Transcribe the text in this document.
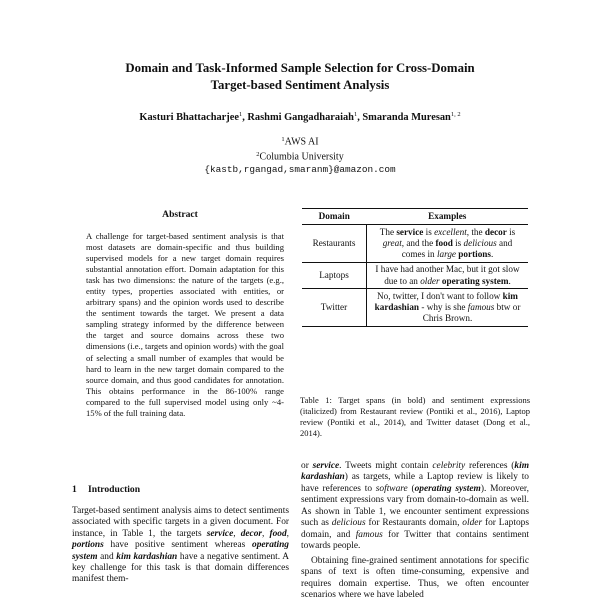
Domain and Task-Informed Sample Selection for Cross-Domain
Target-based Sentiment Analysis
Kasturi Bhattacharjee$^1$, Rashmi Gangadharaiah$^1$, Smaranda Muresan$^{1, 2}$
$^1$AWS AI
$^2$Columbia University
{kastb,rgangad,smaranm}@amazon.com
Abstract

A challenge for target-based sentiment analysis is that most datasets are domain-specific and thus building supervised models for a new target domain requires substantial annotation effort. Domain adaptation for this task has two dimensions: the nature of the targets (e.g., entity types, properties associated with entities, or arbitrary spans) and the opinion words used to describe the sentiment towards the target. We present a data sampling strategy informed by the difference between the target and source domains across these two dimensions (i.e., targets and opinion words) with the goal of selecting a small number of examples that would be hard to learn in the new target domain compared to the source domain, and thus good candidates for annotation. This obtains performance in the 86-100% range compared to the full supervised model using only ~4-15% of the full training data.

1 Introduction

Target-based sentiment analysis aims to detect sentiments associated with specific targets in a given document. For instance, in Table 1, the targets service, decor, food, portions have positive sentiment whereas operating system and kim kardashian have a negative sentiment. A key challenge for this task is that domain differences manifest them-

Domain	Examples
Restaurants	The service is excellent, the decor is great, and the food is delicious and comes in large portions.
Laptops	I have had another Mac, but it got slow due to an older operating system.
Twitter	No, twitter, I don't want to follow kim kardashian - why is she famous btw or Chris Brown.

Table 1: Target spans (in bold) and sentiment expressions (italicized) from Restaurant review (Pontiki et al., 2016), Laptop review (Pontiki et al., 2014), and Twitter dataset (Dong et al., 2014).

or service. Tweets might contain celebrity references (kim kardashian) as targets, while a Laptop review is likely to have references to software (operating system). Moreover, sentiment expressions vary from domain-to-domain as well. As shown in Table 1, we encounter sentiment expressions such as delicious for Restaurants domain, older for Laptops domain, and famous for Twitter that contains sentiment towards people.

Obtaining fine-grained sentiment annotations for specific spans of text is often time-consuming, expensive and requires domain expertise. Thus, we often encounter scenarios where we have labeled
